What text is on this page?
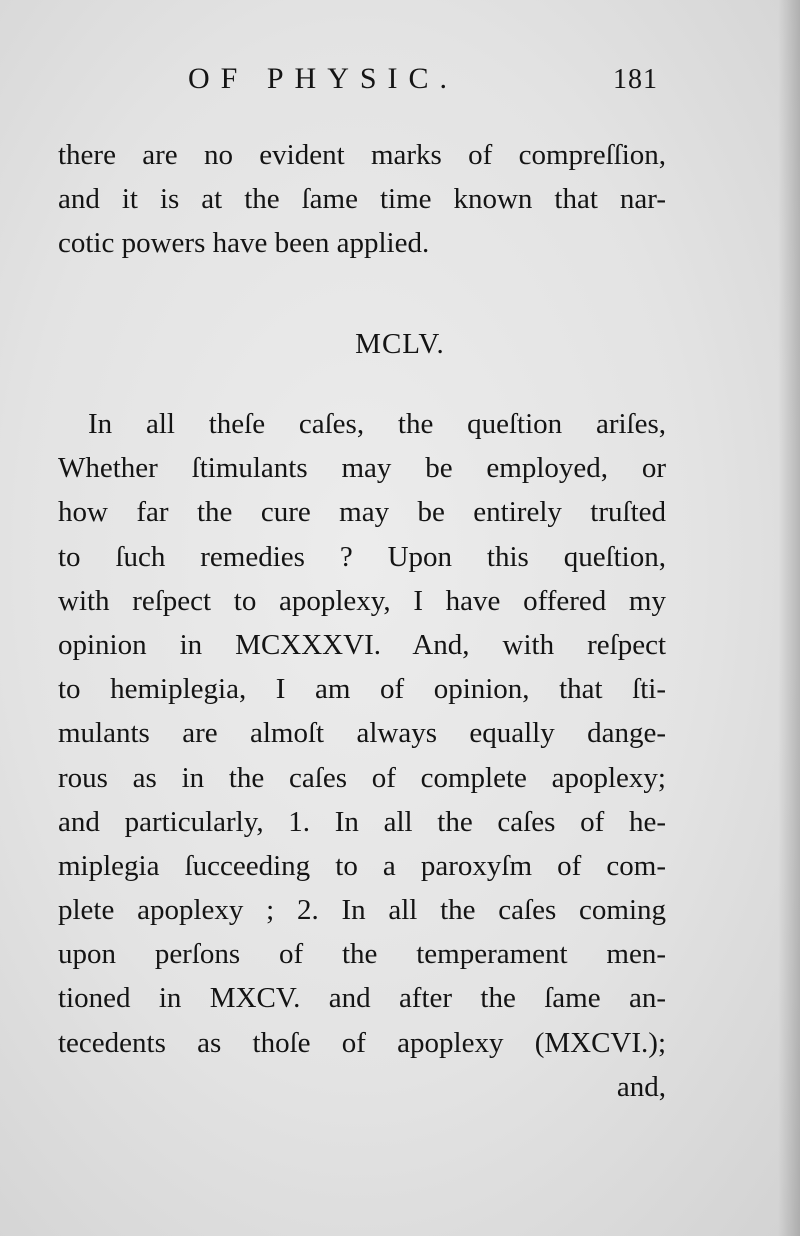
OF PHYSIC.	181
there are no evident marks of compreſſion,
and it is at the ſame time known that nar-
cotic powers have been applied.
MCLV.
In all theſe caſes, the queſtion ariſes,
Whether ſtimulants may be employed, or
how far the cure may be entirely truſted
to ſuch remedies ? Upon this queſtion,
with reſpect to apoplexy, I have offered my
opinion in MCXXXVI. And, with reſpect
to hemiplegia, I am of opinion, that ſti-
mulants are almoſt always equally dange-
rous as in the caſes of complete apoplexy;
and particularly, 1. In all the caſes of he-
miplegia ſucceeding to a paroxyſm of com-
plete apoplexy ; 2. In all the caſes coming
upon perſons of the temperament men-
tioned in MXCV. and after the ſame an-
tecedents as thoſe of apoplexy (MXCVI.);
and,
